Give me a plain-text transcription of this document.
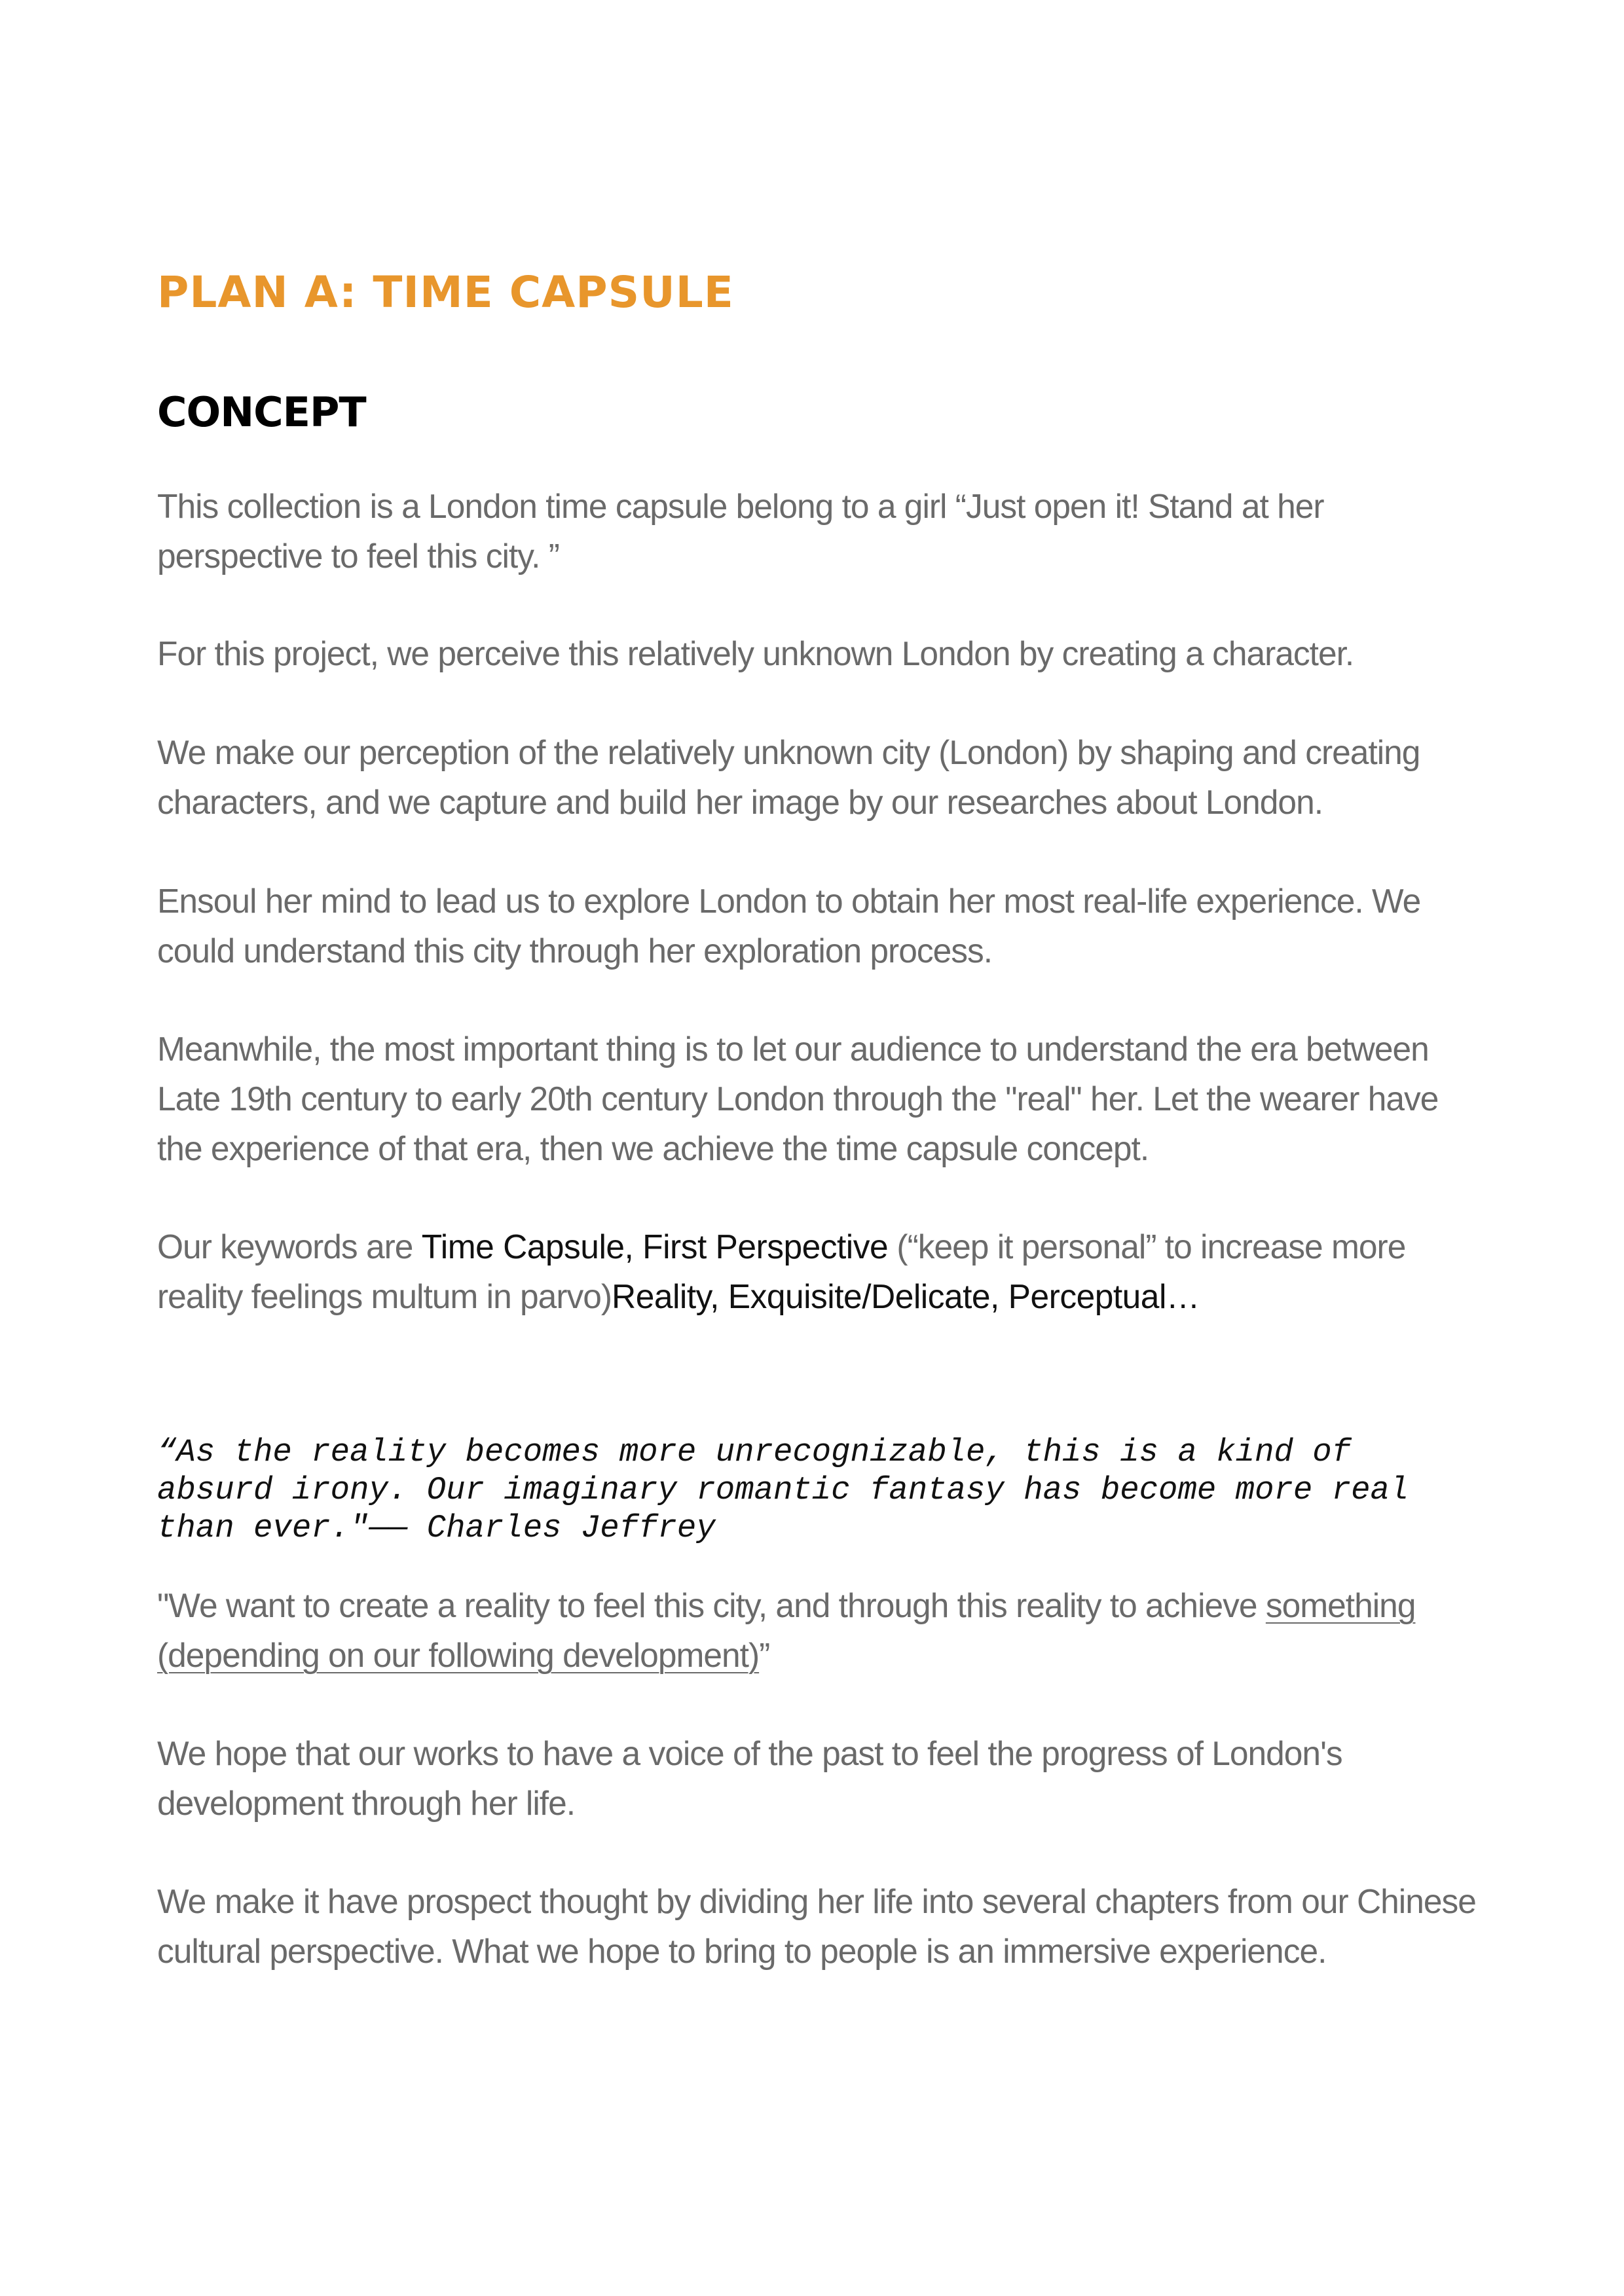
PLAN A: TIME CAPSULE
CONCEPT

This collection is a London time capsule belong to a girl “Just open it! Stand at her perspective to feel this city. ”

For this project, we perceive this relatively unknown London by creating a character.

We make our perception of the relatively unknown city (London) by shaping and creating characters, and we capture and build her image by our researches about London.

Ensoul her mind to lead us to explore London to obtain her most real-life experience. We could understand this city through her exploration process.

Meanwhile, the most important thing is to let our audience to understand the era between Late 19th century to early 20th century London through the "real" her. Let the wearer have the experience of that era, then we achieve the time capsule concept.

Our keywords are Time Capsule, First Perspective (“keep it personal” to increase more reality feelings multum in parvo)Reality, Exquisite/Delicate, Perceptual…

“As the reality becomes more unrecognizable, this is a kind of
absurd irony. Our imaginary romantic fantasy has become more real
than ever."—— Charles Jeffrey

"We want to create a reality to feel this city, and through this reality to achieve something (depending on our following development)”

We hope that our works to have a voice of the past to feel the progress of London's development through her life.

We make it have prospect thought by dividing her life into several chapters from our Chinese cultural perspective. What we hope to bring to people is an immersive experience.
